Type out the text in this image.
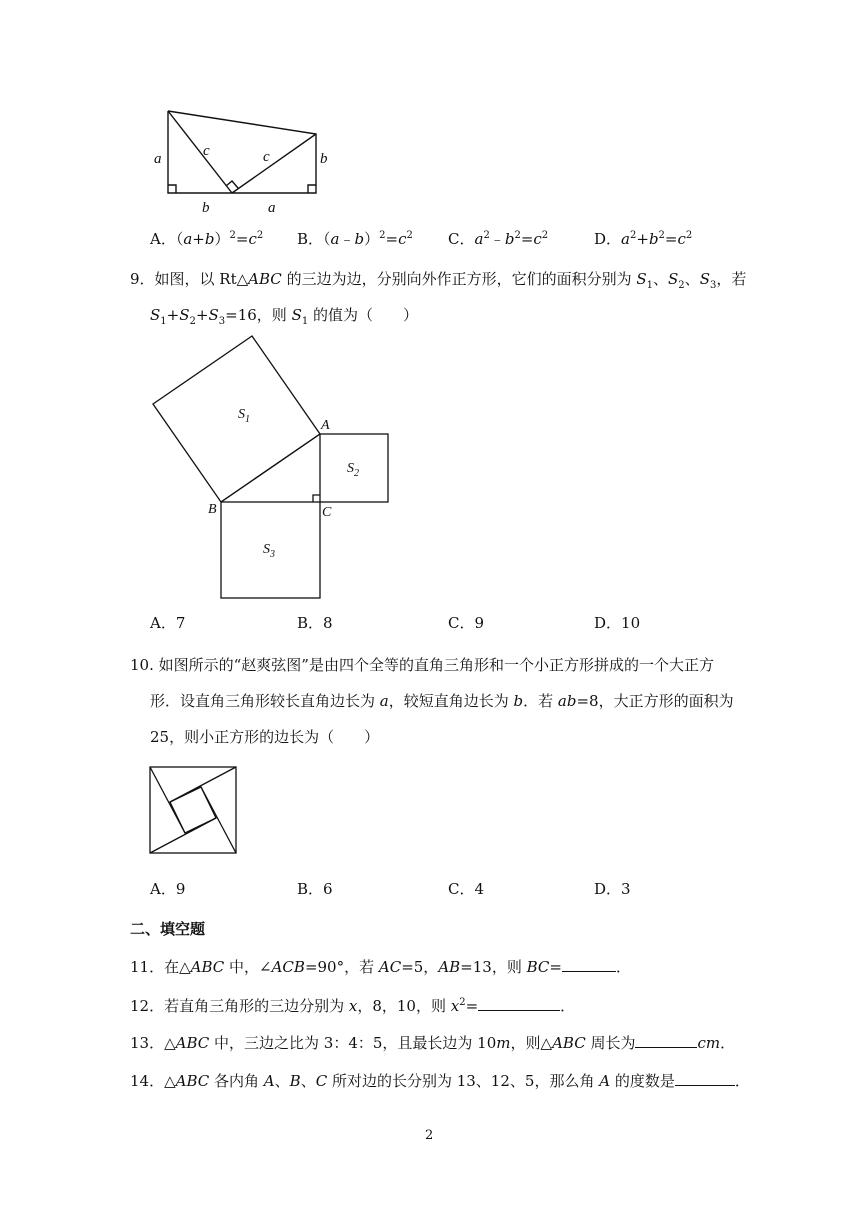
a	c	c	b
b	a
A．$(a+b)^2=c^2$ B．$(a﹣b)^2=c^2$ C．$a^2﹣b^2=c^2$	D．$a^2+b^2=c^2$
9．如图，以 Rt△ABC 的三边为边，分别向外作正方形，它们的面积分别为 $S_1$、$S_2$、$S_3$，若
$S_1+S_2+S_3=16$，则 $S_1$ 的值为（　　）
$S_1$
$S_2$
$S_3$
A
B	C
A．7	B．8	C．9	D．10
10. 如图所示的“赵爽弦图”是由四个全等的直角三角形和一个小正方形拼成的一个大正方
形．设直角三角形较长直角边长为 a，较短直角边长为 b．若 ab=8，大正方形的面积为
25，则小正方形的边长为（　　）
A．9	B．6	C．4	D．3
二、填空题
11．在△ABC 中，∠ACB=90°，若 AC=5，AB=13，则 BC=	．
12．若直角三角形的三边分别为 x，8，10，则 $x^2=$	．
13．△ABC 中，三边之比为 3：4：5，且最长边为 10m，则△ABC 周长为	cm．
14．△ABC 各内角 A、B、C 所对边的长分别为 13、12、5，那么角 A 的度数是	．
2
